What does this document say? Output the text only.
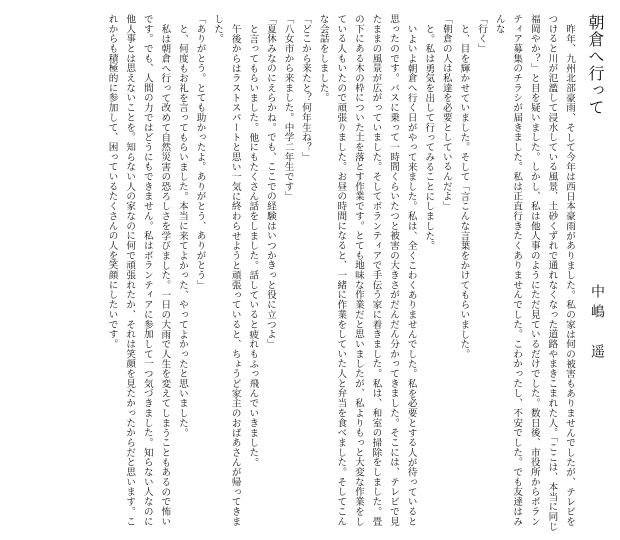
朝倉へ行って

中嶋　遥

昨年、九州北部豪雨、そして今年は西日本豪雨がありました。私の家は何の被害もありませんでしたが、テレビをつけると川が氾濫して浸水している風景、土砂くずれで通れなくなった道路やまきこまれた人。「ここは、本当に同じ福岡やか？」と目を疑いました。しかし、私は他人事のようにただ見ているだけでした。数日後、市役所からボランティア募集のチラシが届きました。私は正直行きたくありませんでした。こわかったし、不安でした。でも友達はみんな

「行く」

と、目を輝かせていました。そして「言こんな言葉をかけてもらいました。

「朝倉の人は私達を必要としているんだよ」

と。私は勇気を出して行ってみることにしました。

いよいよ朝倉へ行く日がやって来ました。私は、全くこわくありませんでした。私を必要とする人が待っていると思ったのです。バスに乗って一時間くらいたつと被害の大きさがだんだん分かってきました。そこには、テレビで見たままの風景が広がっていました。そしてボランティアで手伝う家に着きました。私は、和室の掃除をしました。畳の下にある木の枠についた土を落とす作業です。とても地味な作業だと思いましたが、私よりもっと大変な作業をしている人もいたので頑張りました。お昼の時間になると、一緒に作業をしていた人と弁当を食べました。そしてこんな会話をしました。

「どこから来たと？何年生ね？」

「八女市から来ました。中学二年生です」

「夏休みなのにえらかね。でも、ここでの経験はいつかきっと役に立つよ」

と言ってもらいました。他にもたくさん話をしました。話していると疲れもふっ飛んでいきました。

午後からはラストスパートと思い一気に終わらせようと頑張っていると、ちょうど家主のおばあさんが帰ってきました。

「ありがとう。とても助かったよ。ありがとう、ありがとう」

と、何度もお礼を言ってもらいました。本当に来てよかった、やってよかったと思いました。

私は朝倉へ行って改めて自然災害の恐ろしさを学びました。一日の大雨で人生を変えてしまうこともあるので怖いです。でも、人間の力ではどうにもできません。私はボランティアに参加して一つ気づきました。知らない人なのに他人事とは思えないことを。知らない人の家なのに何で頑張れたか、それは笑顔を見たかったからだと思います。これからも積極的に参加して、困っているたくさんの人を笑顔にしたいです。
